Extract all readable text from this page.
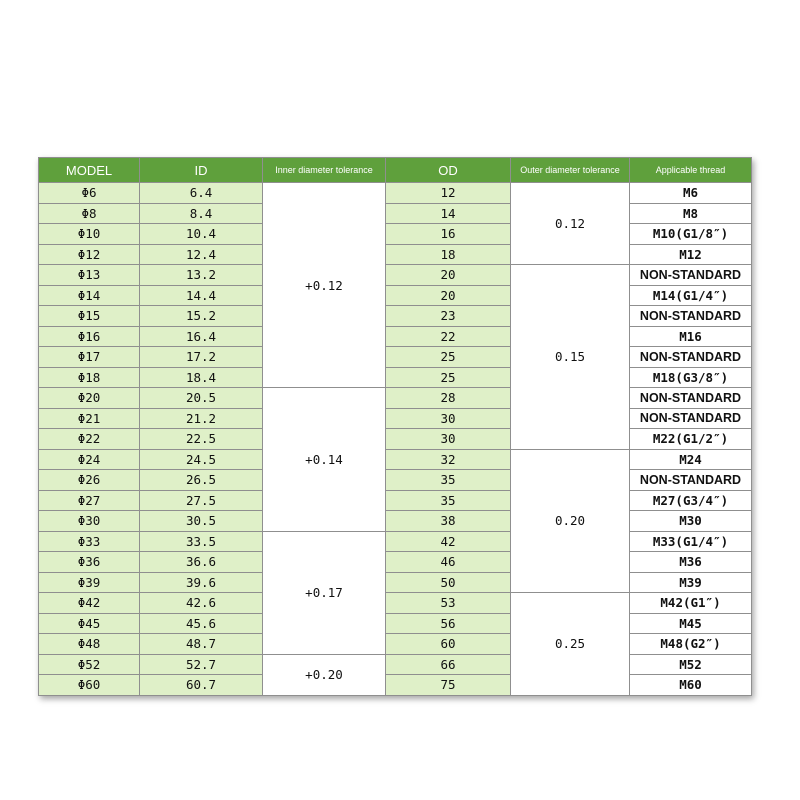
MODEL	ID	Inner diameter tolerance	OD	Outer diameter tolerance	Applicable thread
Φ6	6.4	+0.12	12	0.12	M6
Φ8	8.4		14		M8
Φ10	10.4		16		M10(G1/8″)
Φ12	12.4		18		M12
Φ13	13.2		20	0.15	NON-STANDARD
Φ14	14.4		20		M14(G1/4″)
Φ15	15.2		23		NON-STANDARD
Φ16	16.4		22		M16
Φ17	17.2		25		NON-STANDARD
Φ18	18.4		25		M18(G3/8″)
Φ20	20.5	+0.14	28		NON-STANDARD
Φ21	21.2		30		NON-STANDARD
Φ22	22.5		30		M22(G1/2″)
Φ24	24.5		32	0.20	M24
Φ26	26.5		35		NON-STANDARD
Φ27	27.5		35		M27(G3/4″)
Φ30	30.5		38		M30
Φ33	33.5	+0.17	42		M33(G1/4″)
Φ36	36.6		46		M36
Φ39	39.6		50		M39
Φ42	42.6		53	0.25	M42(G1″)
Φ45	45.6		56		M45
Φ48	48.7		60		M48(G2″)
Φ52	52.7	+0.20	66		M52
Φ60	60.7		75		M60
